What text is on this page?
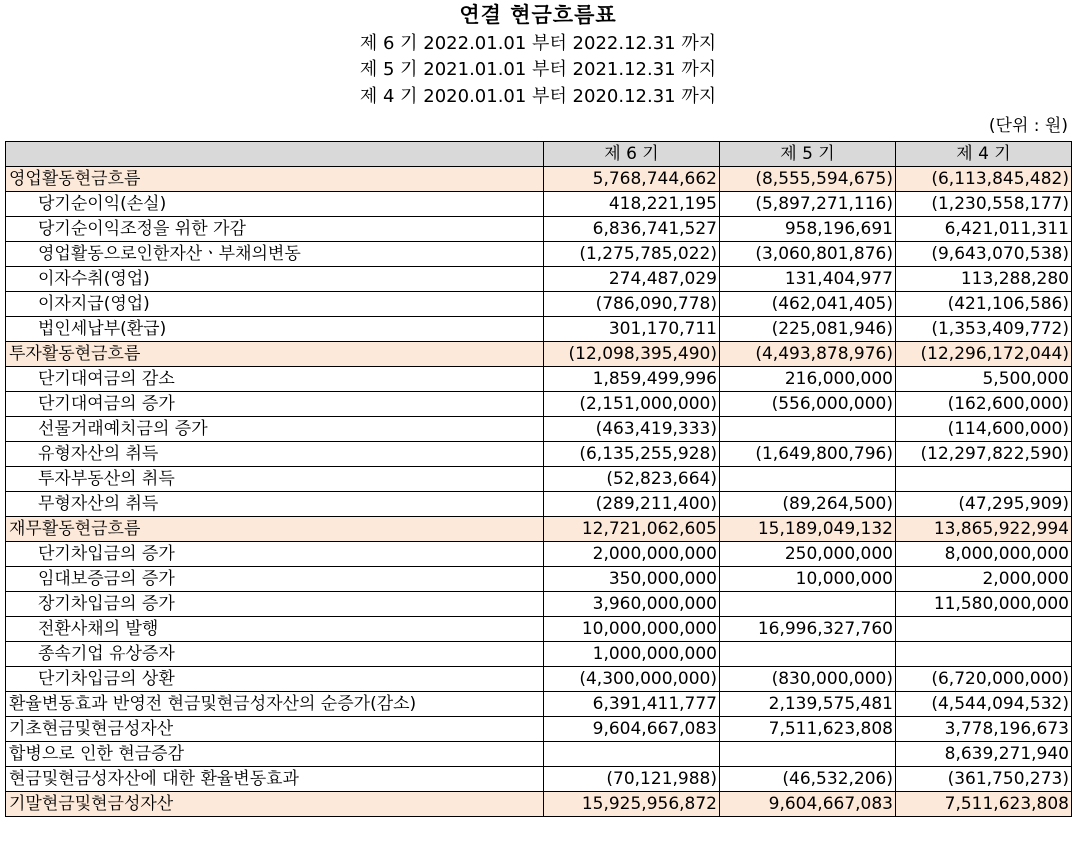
연결 현금흐름표
제 6 기 2022.01.01 부터 2022.12.31 까지
제 5 기 2021.01.01 부터 2021.12.31 까지
제 4 기 2020.01.01 부터 2020.12.31 까지
(단위 : 원)
	제 6 기	제 5 기	제 4 기
영업활동현금흐름	5,768,744,662	(8,555,594,675)	(6,113,845,482)
당기순이익(손실)	418,221,195	(5,897,271,116)	(1,230,558,177)
당기순이익조정을 위한 가감	6,836,741,527	958,196,691	6,421,011,311
영업활동으로인한자산ㆍ부채의변동	(1,275,785,022)	(3,060,801,876)	(9,643,070,538)
이자수취(영업)	274,487,029	131,404,977	113,288,280
이자지급(영업)	(786,090,778)	(462,041,405)	(421,106,586)
법인세납부(환급)	301,170,711	(225,081,946)	(1,353,409,772)
투자활동현금흐름	(12,098,395,490)	(4,493,878,976)	(12,296,172,044)
단기대여금의 감소	1,859,499,996	216,000,000	5,500,000
단기대여금의 증가	(2,151,000,000)	(556,000,000)	(162,600,000)
선물거래예치금의 증가	(463,419,333)		(114,600,000)
유형자산의 취득	(6,135,255,928)	(1,649,800,796)	(12,297,822,590)
투자부동산의 취득	(52,823,664)		
무형자산의 취득	(289,211,400)	(89,264,500)	(47,295,909)
재무활동현금흐름	12,721,062,605	15,189,049,132	13,865,922,994
단기차입금의 증가	2,000,000,000	250,000,000	8,000,000,000
임대보증금의 증가	350,000,000	10,000,000	2,000,000
장기차입금의 증가	3,960,000,000		11,580,000,000
전환사채의 발행	10,000,000,000	16,996,327,760	
종속기업 유상증자	1,000,000,000		
단기차입금의 상환	(4,300,000,000)	(830,000,000)	(6,720,000,000)
환율변동효과 반영전 현금및현금성자산의 순증가(감소)	6,391,411,777	2,139,575,481	(4,544,094,532)
기초현금및현금성자산	9,604,667,083	7,511,623,808	3,778,196,673
합병으로 인한 현금증감			8,639,271,940
현금및현금성자산에 대한 환율변동효과	(70,121,988)	(46,532,206)	(361,750,273)
기말현금및현금성자산	15,925,956,872	9,604,667,083	7,511,623,808
